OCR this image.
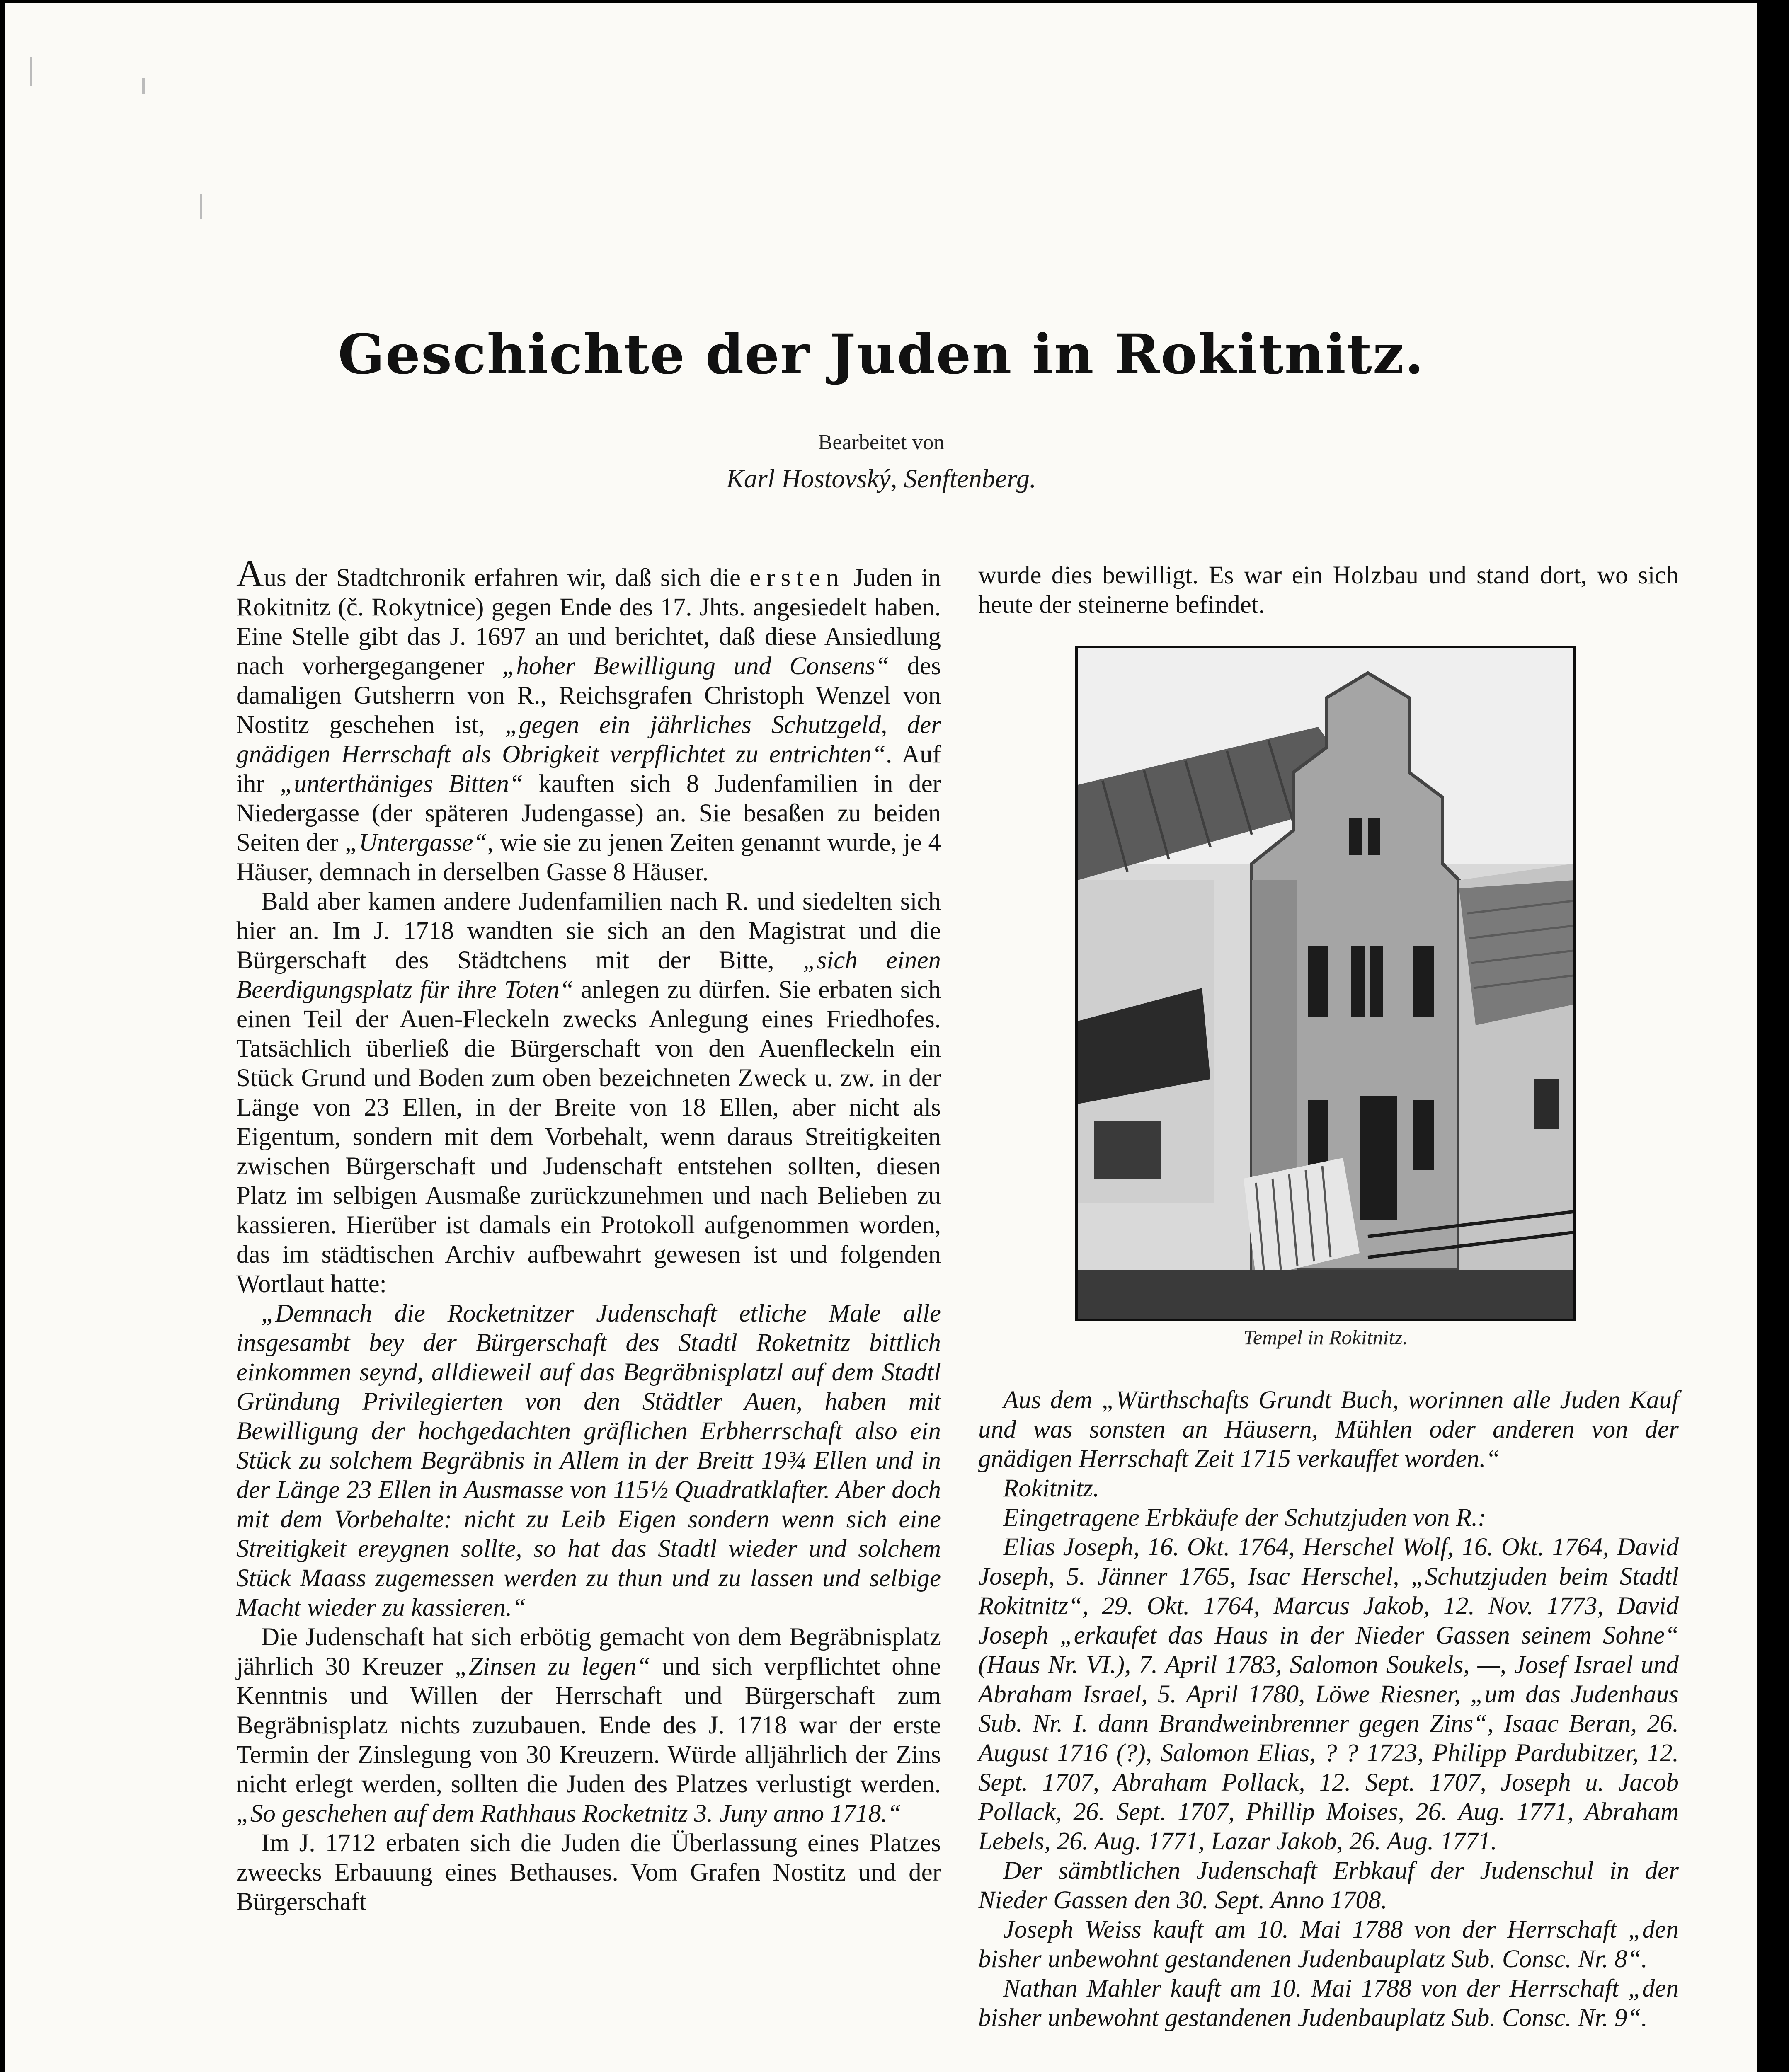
Geschichte der Juden in Rokitnitz.
Bearbeitet von
Karl Hostovský, Senftenberg.

Aus der Stadtchronik erfahren wir, daß sich die ersten Juden in Rokitnitz (č. Rokytnice) gegen Ende des 17. Jhts. angesiedelt haben. Eine Stelle gibt das J. 1697 an und berichtet, daß diese Ansiedlung nach vorhergegangener „hoher Bewilligung und Consens“ des damaligen Gutsherrn von R., Reichsgrafen Christoph Wenzel von Nostitz geschehen ist, „gegen ein jährliches Schutzgeld, der gnädigen Herrschaft als Obrigkeit verpflichtet zu entrichten“. Auf ihr „unterthäniges Bitten“ kauften sich 8 Judenfamilien in der Niedergasse (der späteren Judengasse) an. Sie besaßen zu beiden Seiten der „Untergasse“, wie sie zu jenen Zeiten genannt wurde, je 4 Häuser, demnach in derselben Gasse 8 Häuser.

Bald aber kamen andere Judenfamilien nach R. und siedelten sich hier an. Im J. 1718 wandten sie sich an den Magistrat und die Bürgerschaft des Städtchens mit der Bitte, „sich einen Beerdigungsplatz für ihre Toten“ anlegen zu dürfen. Sie erbaten sich einen Teil der Auen-Fleckeln zwecks Anlegung eines Friedhofes. Tatsächlich überließ die Bürgerschaft von den Auenfleckeln ein Stück Grund und Boden zum oben bezeichneten Zweck u. zw. in der Länge von 23 Ellen, in der Breite von 18 Ellen, aber nicht als Eigentum, sondern mit dem Vorbehalt, wenn daraus Streitigkeiten zwischen Bürgerschaft und Judenschaft entstehen sollten, diesen Platz im selbigen Ausmaße zurückzunehmen und nach Belieben zu kassieren. Hierüber ist damals ein Protokoll aufgenommen worden, das im städtischen Archiv aufbewahrt gewesen ist und folgenden Wortlaut hatte:

„Demnach die Rocketnitzer Judenschaft etliche Male alle insgesambt bey der Bürgerschaft des Stadtl Roketnitz bittlich einkommen seynd, alldieweil auf das Begräbnisplatzl auf dem Stadtl Gründung Privilegierten von den Städtler Auen, haben mit Bewilligung der hochgedachten gräflichen Erbherrschaft also ein Stück zu solchem Begräbnis in Allem in der Breitt 19¾ Ellen und in der Länge 23 Ellen in Ausmasse von 115½ Quadratklafter. Aber doch mit dem Vorbehalte: nicht zu Leib Eigen sondern wenn sich eine Streitigkeit ereygnen sollte, so hat das Stadtl wieder und solchem Stück Maass zugemessen werden zu thun und zu lassen und selbige Macht wieder zu kassieren.“

Die Judenschaft hat sich erbötig gemacht von dem Begräbnisplatz jährlich 30 Kreuzer „Zinsen zu legen“ und sich verpflichtet ohne Kenntnis und Willen der Herrschaft und Bürgerschaft zum Begräbnisplatz nichts zuzubauen. Ende des J. 1718 war der erste Termin der Zinslegung von 30 Kreuzern. Würde alljährlich der Zins nicht erlegt werden, sollten die Juden des Platzes verlustigt werden. „So geschehen auf dem Rathhaus Rocketnitz 3. Juny anno 1718.“

Im J. 1712 erbaten sich die Juden die Überlassung eines Platzes zweecks Erbauung eines Bethauses. Vom Grafen Nostitz und der Bürgerschaft

wurde dies bewilligt. Es war ein Holzbau und stand dort, wo sich heute der steinerne befindet.

Tempel in Rokitnitz.

Aus dem „Würthschafts Grundt Buch, worinnen alle Juden Kauf und was sonsten an Häusern, Mühlen oder anderen von der gnädigen Herrschaft Zeit 1715 verkauffet worden.“

Rokitnitz.

Eingetragene Erbkäufe der Schutzjuden von R.:

Elias Joseph, 16. Okt. 1764, Herschel Wolf, 16. Okt. 1764, David Joseph, 5. Jänner 1765, Isac Herschel, „Schutzjuden beim Stadtl Rokitnitz“, 29. Okt. 1764, Marcus Jakob, 12. Nov. 1773, David Joseph „erkaufet das Haus in der Nieder Gassen seinem Sohne“ (Haus Nr. VI.), 7. April 1783, Salomon Soukels, —, Josef Israel und Abraham Israel, 5. April 1780, Löwe Riesner, „um das Judenhaus Sub. Nr. I. dann Brandweinbrenner gegen Zins“, Isaac Beran, 26. August 1716 (?), Salomon Elias, ? ? 1723, Philipp Pardubitzer, 12. Sept. 1707, Abraham Pollack, 12. Sept. 1707, Joseph u. Jacob Pollack, 26. Sept. 1707, Phillip Moises, 26. Aug. 1771, Abraham Lebels, 26. Aug. 1771, Lazar Jakob, 26. Aug. 1771.

Der sämbtlichen Judenschaft Erbkauf der Judenschul in der Nieder Gassen den 30. Sept. Anno 1708.

Joseph Weiss kauft am 10. Mai 1788 von der Herrschaft „den bisher unbewohnt gestandenen Judenbauplatz Sub. Consc. Nr. 8“.

Nathan Mahler kauft am 10. Mai 1788 von der Herrschaft „den bisher unbewohnt gestandenen Judenbauplatz Sub. Consc. Nr. 9“.
